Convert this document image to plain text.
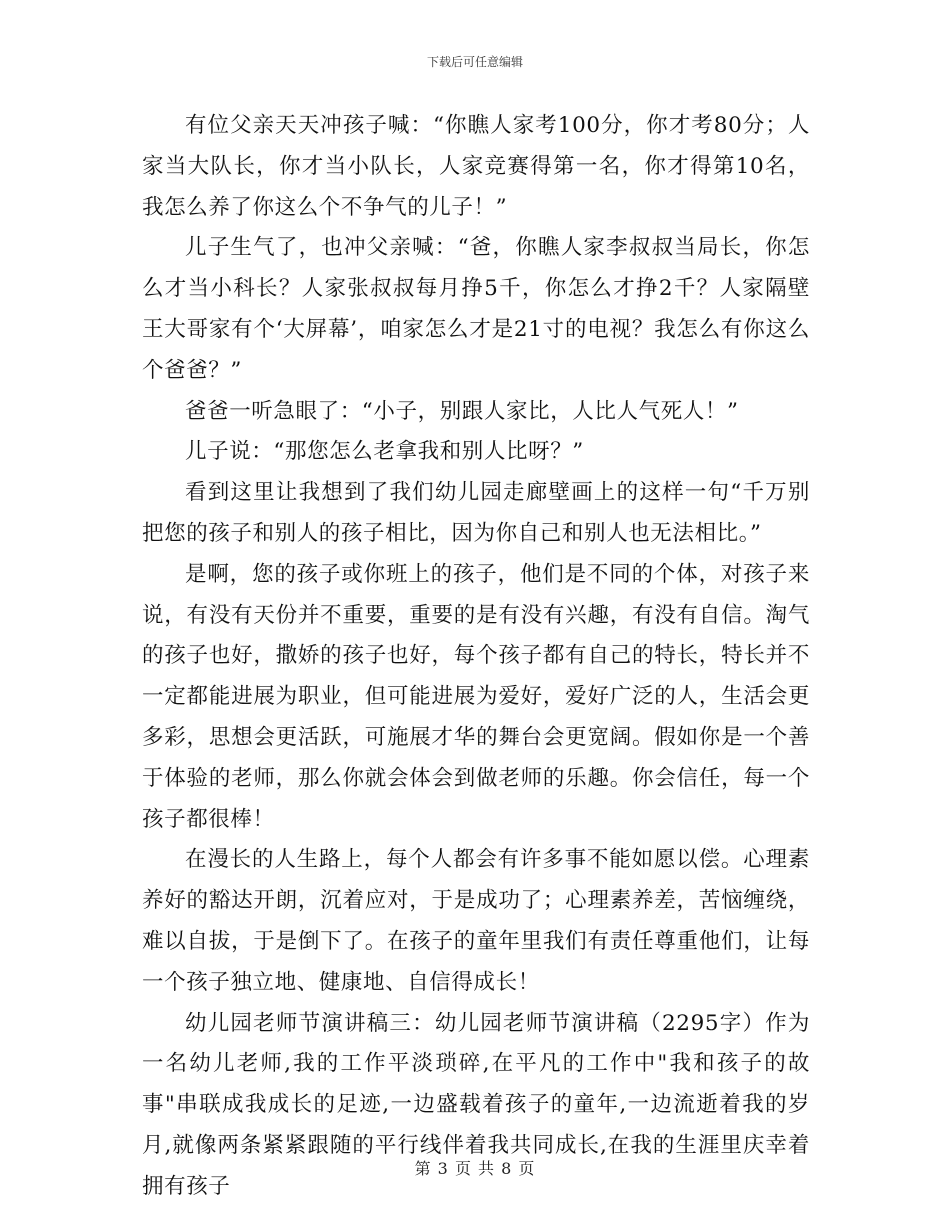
下载后可任意编辑

有位父亲天天冲孩子喊：“你瞧人家考100分，你才考80分；人家当大队长，你才当小队长，人家竞赛得第一名，你才得第10名，我怎么养了你这么个不争气的儿子！”

儿子生气了，也冲父亲喊：“爸，你瞧人家李叔叔当局长，你怎么才当小科长？人家张叔叔每月挣5千，你怎么才挣2千？人家隔壁王大哥家有个‘大屏幕’，咱家怎么才是21寸的电视？我怎么有你这么个爸爸？”

爸爸一听急眼了：“小子，别跟人家比，人比人气死人！”

儿子说：“那您怎么老拿我和别人比呀？”

看到这里让我想到了我们幼儿园走廊壁画上的这样一句“千万别把您的孩子和别人的孩子相比，因为你自己和别人也无法相比。”

是啊，您的孩子或你班上的孩子，他们是不同的个体，对孩子来说，有没有天份并不重要，重要的是有没有兴趣，有没有自信。淘气的孩子也好，撒娇的孩子也好，每个孩子都有自己的特长，特长并不一定都能进展为职业，但可能进展为爱好，爱好广泛的人，生活会更多彩，思想会更活跃，可施展才华的舞台会更宽阔。假如你是一个善于体验的老师，那么你就会体会到做老师的乐趣。你会信任，每一个孩子都很棒！

在漫长的人生路上，每个人都会有许多事不能如愿以偿。心理素养好的豁达开朗，沉着应对，于是成功了；心理素养差，苦恼缠绕，难以自拔，于是倒下了。在孩子的童年里我们有责任尊重他们，让每一个孩子独立地、健康地、自信得成长！

幼儿园老师节演讲稿三：幼儿园老师节演讲稿（2295字）作为一名幼儿老师,我的工作平淡琐碎,在平凡的工作中"我和孩子的故事"串联成我成长的足迹,一边盛载着孩子的童年,一边流逝着我的岁月,就像两条紧紧跟随的平行线伴着我共同成长,在我的生涯里庆幸着拥有孩子

第 3 页 共 8 页
